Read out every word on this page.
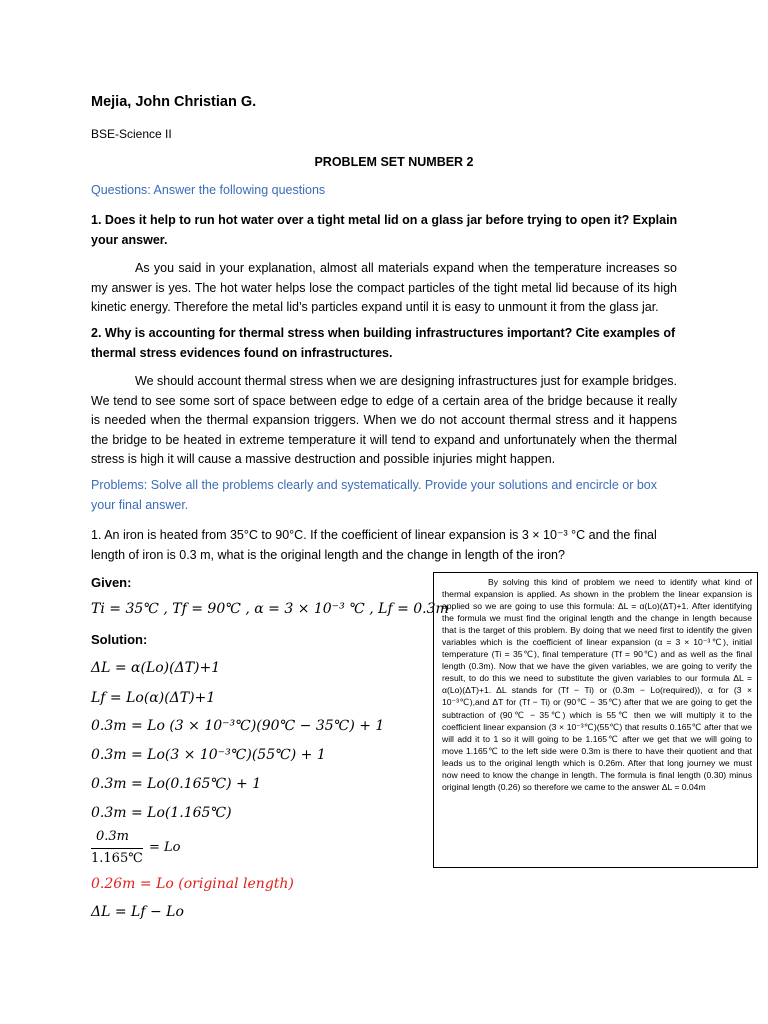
Mejia, John Christian G.
BSE-Science II
PROBLEM SET NUMBER 2
Questions: Answer the following questions
1. Does it help to run hot water over a tight metal lid on a glass jar before trying to open it? Explain your answer.
As you said in your explanation, almost all materials expand when the temperature increases so my answer is yes. The hot water helps lose the compact particles of the tight metal lid because of its high kinetic energy. Therefore the metal lid’s particles expand until it is easy to unmount it from the glass jar.
2. Why is accounting for thermal stress when building infrastructures important? Cite examples of thermal stress evidences found on infrastructures.
We should account thermal stress when we are designing infrastructures just for example bridges. We tend to see some sort of space between edge to edge of a certain area of the bridge because it really is needed when the thermal expansion triggers. When we do not account thermal stress and it happens the bridge to be heated in extreme temperature it will tend to expand and unfortunately when the thermal stress is high it will cause a massive destruction and possible injuries might happen.
Problems: Solve all the problems clearly and systematically. Provide your solutions and encircle or box your final answer.
1. An iron is heated from 35°C to 90°C. If the coefficient of linear expansion is 3 × 10⁻³ °C and the final length of iron is 0.3 m, what is the original length and the change in length of the iron?
Given:
Ti = 35℃ , Tf = 90℃ , α = 3 × 10⁻³ ℃ , Lf = 0.3m
Solution:
ΔL = α(Lo)(ΔT)+1
Lf = Lo(α)(ΔT)+1
0.3m = Lo (3 × 10⁻³℃)(90℃ − 35℃) + 1
0.3m = Lo(3 × 10⁻³℃)(55℃) + 1
0.3m = Lo(0.165℃) + 1
0.3m = Lo(1.165℃)
0.3m
1.165℃
= Lo
0.26m = Lo (original length)
ΔL = Lf − Lo
By solving this kind of problem we need to identify what kind of thermal expansion is applied. As shown in the problem the linear expansion is applied so we are going to use this formula: ΔL = α(Lo)(ΔT)+1. After identifying the formula we must find the original length and the change in length because that is the target of this problem. By doing that we need first to identify the given variables which is the coefficient of linear expansion (α = 3 × 10⁻³℃), initial temperature (Ti = 35℃), final temperature (Tf = 90℃) and as well as the final length (0.3m). Now that we have the given variables, we are going to verify the result, to do this we need to substitute the given variables to our formula ΔL = α(Lo)(ΔT)+1. ΔL stands for (Tf − Ti) or (0.3m − Lo(required)), α for (3 × 10⁻³℃),and ΔT for (Tf − Ti) or (90℃ − 35℃) after that we are going to get the subtraction of (90℃ − 35℃) which is 55℃ then we will multiply it to the coefficient linear expansion (3 × 10⁻³℃)(55℃) that results 0.165℃ after that we will add it to 1 so it will going to be 1.165℃ after we get that we will going to move 1.165℃ to the left side were 0.3m is there to have their quotient and that leads us to the original length which is 0.26m. After that long journey we must now need to know the change in length. The formula is final length (0.30) minus original length (0.26) so therefore we came to the answer ΔL = 0.04m
